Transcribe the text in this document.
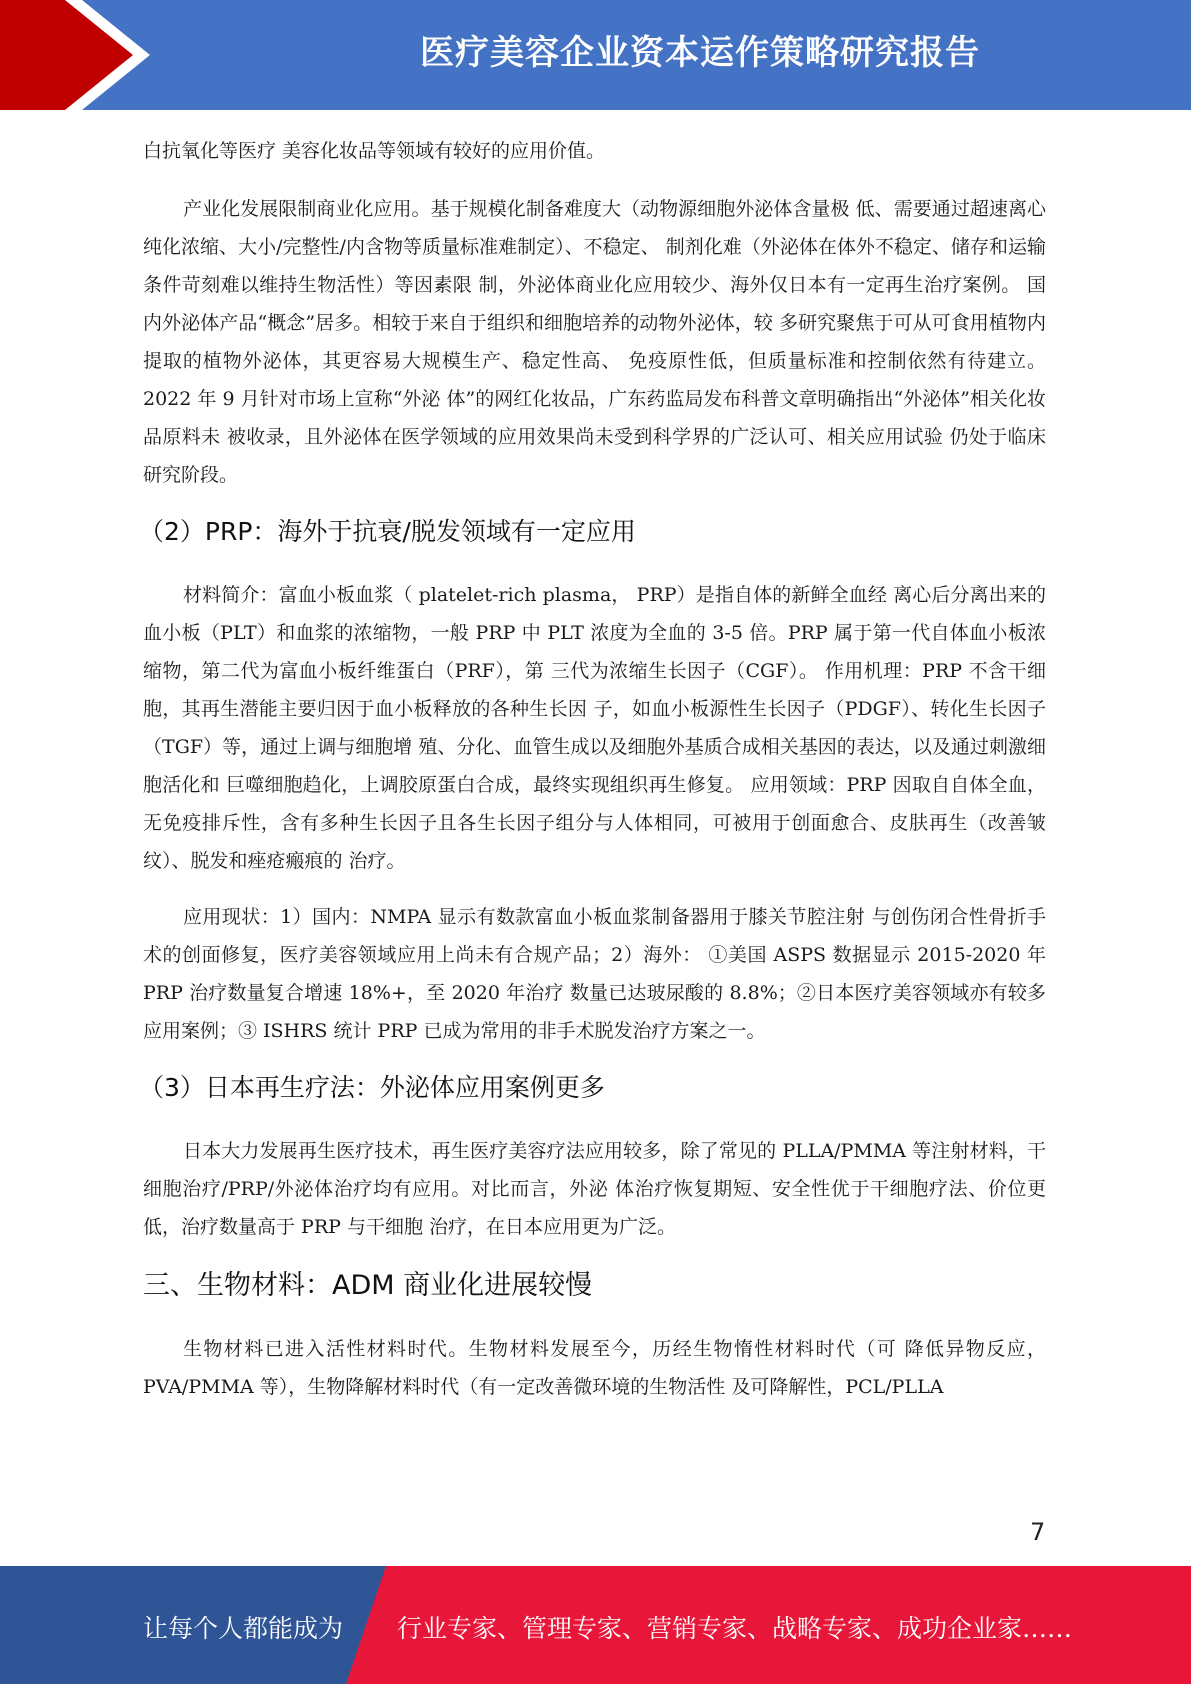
医疗美容企业资本运作策略研究报告

白抗氧化等医疗 美容化妆品等领域有较好的应用价值。

产业化发展限制商业化应用。基于规模化制备难度大（动物源细胞外泌体含量极 低、需要通过超速离心纯化浓缩、大小/完整性/内含物等质量标准难制定）、不稳定、 制剂化难（外泌体在体外不稳定、储存和运输条件苛刻难以维持生物活性）等因素限 制，外泌体商业化应用较少、海外仅日本有一定再生治疗案例。 国内外泌体产品“概念”居多。相较于来自于组织和细胞培养的动物外泌体，较 多研究聚焦于可从可食用植物内提取的植物外泌体，其更容易大规模生产、稳定性高、 免疫原性低，但质量标准和控制依然有待建立。2022 年 9 月针对市场上宣称“外泌 体”的网红化妆品，广东药监局发布科普文章明确指出“外泌体”相关化妆品原料未 被收录，且外泌体在医学领域的应用效果尚未受到科学界的广泛认可、相关应用试验 仍处于临床研究阶段。

（2）PRP：海外于抗衰/脱发领域有一定应用

材料简介：富血小板血浆（ platelet-rich plasma， PRP）是指自体的新鲜全血经 离心后分离出来的血小板（PLT）和血浆的浓缩物，一般 PRP 中 PLT 浓度为全血的 3-5 倍。PRP 属于第一代自体血小板浓缩物，第二代为富血小板纤维蛋白（PRF），第 三代为浓缩生长因子（CGF）。 作用机理：PRP 不含干细胞，其再生潜能主要归因于血小板释放的各种生长因 子，如血小板源性生长因子（PDGF）、转化生长因子（TGF）等，通过上调与细胞增 殖、分化、血管生成以及细胞外基质合成相关基因的表达，以及通过刺激细胞活化和 巨噬细胞趋化，上调胶原蛋白合成，最终实现组织再生修复。 应用领域：PRP 因取自自体全血，无免疫排斥性，含有多种生长因子且各生长因子组分与人体相同，可被用于创面愈合、皮肤再生（改善皱纹）、脱发和痤疮瘢痕的 治疗。

应用现状：1）国内：NMPA 显示有数款富血小板血浆制备器用于膝关节腔注射 与创伤闭合性骨折手术的创面修复，医疗美容领域应用上尚未有合规产品；2）海外： ①美国 ASPS 数据显示 2015-2020 年 PRP 治疗数量复合增速 18%+，至 2020 年治疗 数量已达玻尿酸的 8.8%；②日本医疗美容领域亦有较多应用案例；③ ISHRS 统计 PRP 已成为常用的非手术脱发治疗方案之一。

（3）日本再生疗法：外泌体应用案例更多

日本大力发展再生医疗技术，再生医疗美容疗法应用较多，除了常见的 PLLA/PMMA 等注射材料，干细胞治疗/PRP/外泌体治疗均有应用。对比而言，外泌 体治疗恢复期短、安全性优于干细胞疗法、价位更低，治疗数量高于 PRP 与干细胞 治疗，在日本应用更为广泛。

三、生物材料：ADM 商业化进展较慢

生物材料已进入活性材料时代。生物材料发展至今，历经生物惰性材料时代（可 降低异物反应，PVA/PMMA 等），生物降解材料时代（有一定改善微环境的生物活性 及可降解性，PCL/PLLA

7
让每个人都能成为 行业专家、管理专家、营销专家、战略专家、成功企业家……
